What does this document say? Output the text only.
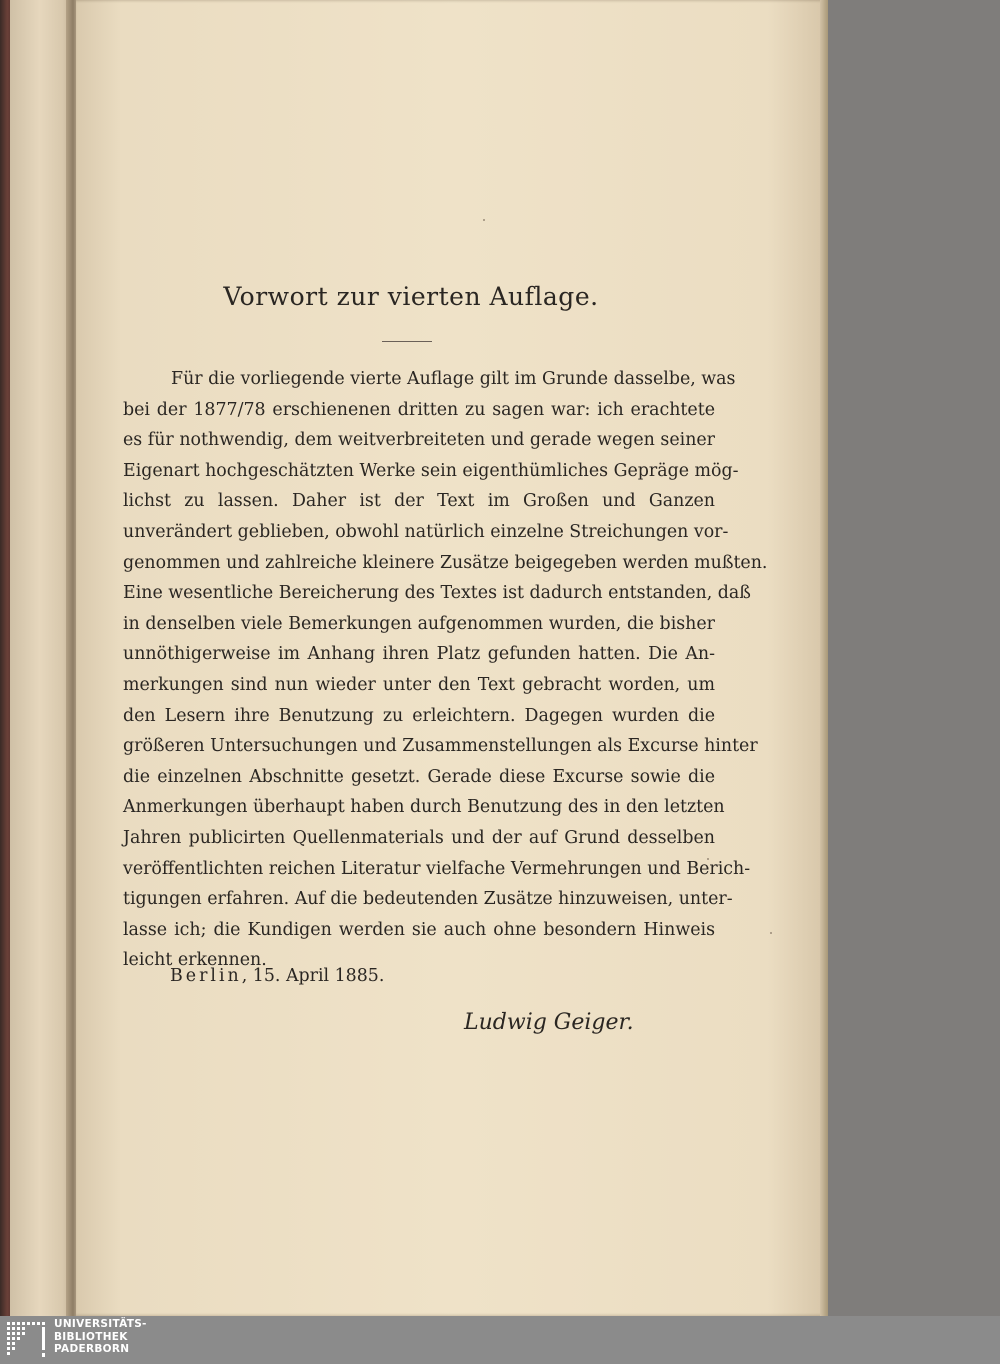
Vorwort zur vierten Auflage.
Für die vorliegende vierte Auflage gilt im Grunde dasselbe, was
bei der 1877/78 erschienenen dritten zu sagen war: ich erachtete
es für nothwendig, dem weitverbreiteten und gerade wegen seiner
Eigenart hochgeschätzten Werke sein eigenthümliches Gepräge mög-
lichst zu lassen. Daher ist der Text im Großen und Ganzen
unverändert geblieben, obwohl natürlich einzelne Streichungen vor-
genommen und zahlreiche kleinere Zusätze beigegeben werden mußten.
Eine wesentliche Bereicherung des Textes ist dadurch entstanden, daß
in denselben viele Bemerkungen aufgenommen wurden, die bisher
unnöthigerweise im Anhang ihren Platz gefunden hatten. Die An-
merkungen sind nun wieder unter den Text gebracht worden, um
den Lesern ihre Benutzung zu erleichtern. Dagegen wurden die
größeren Untersuchungen und Zusammenstellungen als Excurse hinter
die einzelnen Abschnitte gesetzt. Gerade diese Excurse sowie die
Anmerkungen überhaupt haben durch Benutzung des in den letzten
Jahren publicirten Quellenmaterials und der auf Grund desselben
veröffentlichten reichen Literatur vielfache Vermehrungen und Berich-
tigungen erfahren. Auf die bedeutenden Zusätze hinzuweisen, unter-
lasse ich; die Kundigen werden sie auch ohne besondern Hinweis
leicht erkennen.
Berlin, 15. April 1885.
Ludwig Geiger.
UNIVERSITÄTS-
BIBLIOTHEK
PADERBORN
